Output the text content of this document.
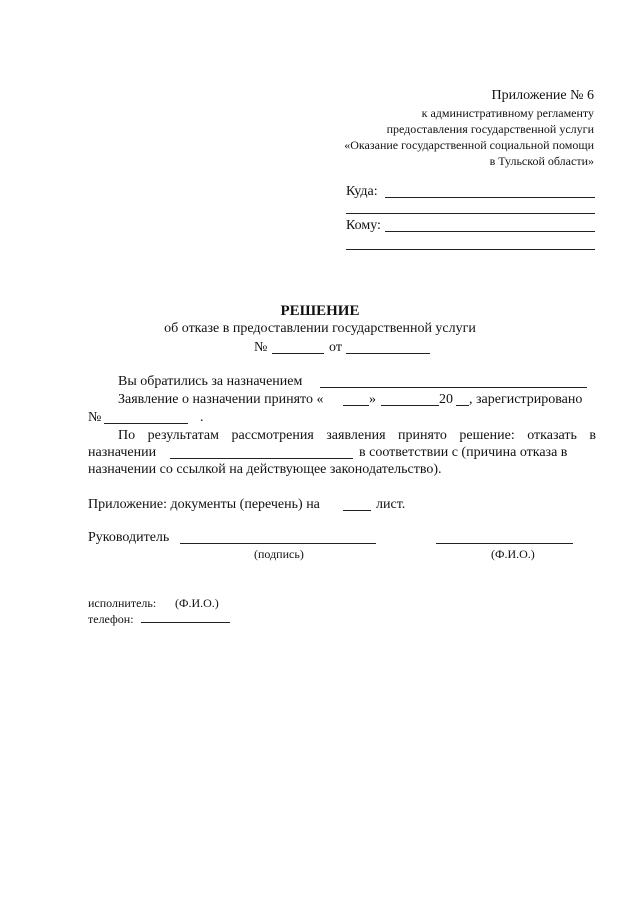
Приложение № 6
к административному регламенту
предоставления государственной услуги
«Оказание государственной социальной помощи
в Тульской области»
Куда:
Кому:
РЕШЕНИЕ
об отказе в предоставлении государственной услуги
№	от
Вы обратились за назначением
Заявление о назначении принято «	»	20 , зарегистрировано
№	.
По результатам рассмотрения заявления принято решение: отказать в
назначении	в соответствии с (причина отказа в
назначении со ссылкой на действующее законодательство).
Приложение: документы (перечень) на	лист.
Руководитель
(подпись)	(Ф.И.О.)
исполнитель: (Ф.И.О.)
телефон:
